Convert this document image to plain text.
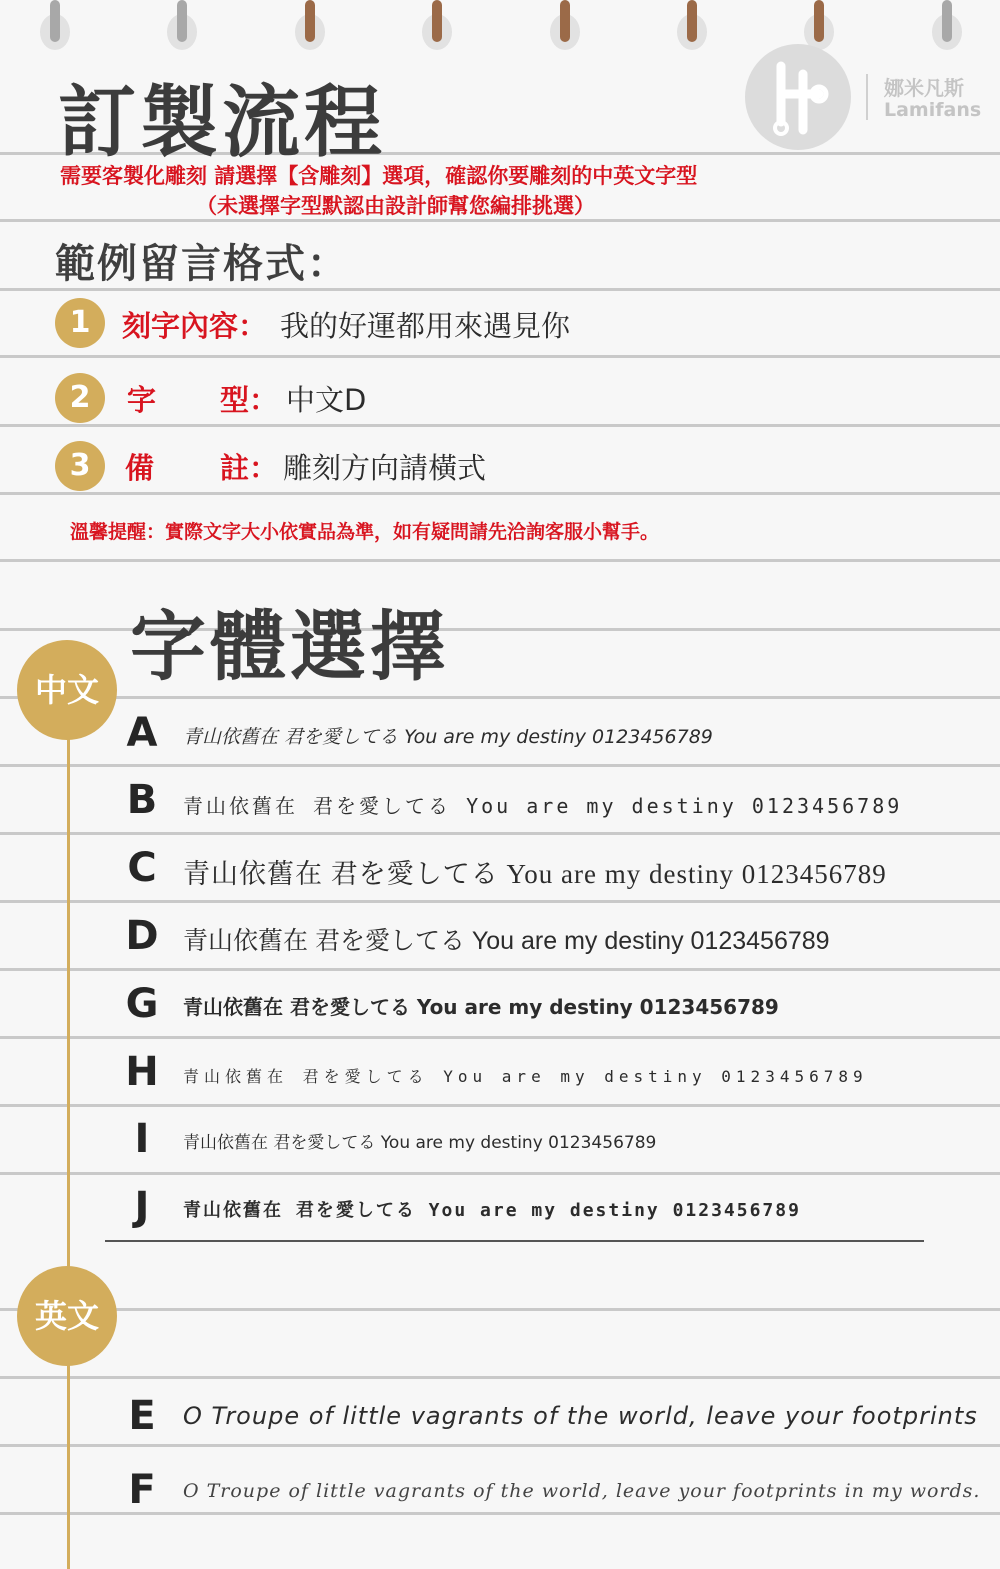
訂製流程	娜米凡斯
Lamifans
需要客製化雕刻 請選擇【含雕刻】選項，確認你要雕刻的中英文字型
（未選擇字型默認由設計師幫您編排挑選）
範例留言格式：
1	刻字內容： 我的好運都用來遇見你
2	字 型： 中文D
3	備 註： 雕刻方向請橫式
溫馨提醒：實際文字大小依實品為準，如有疑問請先洽詢客服小幫手。
字體選擇
中文
A 青山依舊在 君を愛してる You are my destiny 0123456789
B 青山依舊在 君を愛してる You are my destiny 0123456789
C 青山依舊在 君を愛してる You are my destiny 0123456789
D 青山依舊在 君を愛してる You are my destiny 0123456789
G 青山依舊在 君を愛してる You are my destiny 0123456789
H 青山依舊在 君を愛してる You are my destiny 0123456789
I	青山依舊在 君を愛してる You are my destiny 0123456789
J	青山依舊在 君を愛してる You are my destiny 0123456789
英文
E O Troupe of little vagrants of the world, leave your footprints
F	O Troupe of little vagrants of the world, leave your footprints in my words.
